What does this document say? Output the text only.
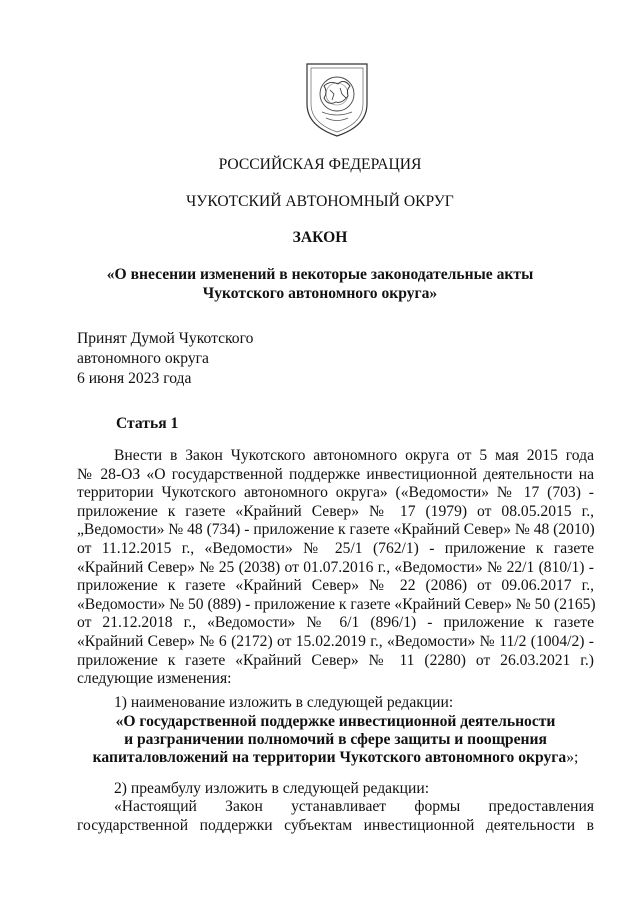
РОССИЙСКАЯ ФЕДЕРАЦИЯ
ЧУКОТСКИЙ АВТОНОМНЫЙ ОКРУГ
ЗАКОН
«О внесении изменений в некоторые законодательные акты
Чукотского автономного округа»
Принят Думой Чукотского
автономного округа
6 июня 2023 года
Статья 1
Внести в Закон Чукотского автономного округа от 5 мая 2015 года
№ 28-ОЗ «О государственной поддержке инвестиционной деятельности на
территории Чукотского автономного округа» («Ведомости» № 17 (703) -
приложение к газете «Крайний Север» № 17 (1979) от 08.05.2015 г.,
„Ведомости» № 48 (734) - приложение к газете «Крайний Север» № 48 (2010)
от 11.12.2015 г., «Ведомости» № 25/1 (762/1) - приложение к газете
«Крайний Север» № 25 (2038) от 01.07.2016 г., «Ведомости» № 22/1 (810/1) -
приложение к газете «Крайний Север» № 22 (2086) от 09.06.2017 г.,
«Ведомости» № 50 (889) - приложение к газете «Крайний Север» № 50 (2165)
от 21.12.2018 г., «Ведомости» № 6/1 (896/1) - приложение к газете
«Крайний Север» № 6 (2172) от 15.02.2019 г., «Ведомости» № 11/2 (1004/2) -
приложение к газете «Крайний Север» № 11 (2280) от 26.03.2021 г.)
следующие изменения:
1) наименование изложить в следующей редакции:
«О государственной поддержке инвестиционной деятельности
и разграничении полномочий в сфере защиты и поощрения
капиталовложений на территории Чукотского автономного округа»;
2) преамбулу изложить в следующей редакции:
«Настоящий Закон устанавливает формы предоставления
государственной поддержки субъектам инвестиционной деятельности в
